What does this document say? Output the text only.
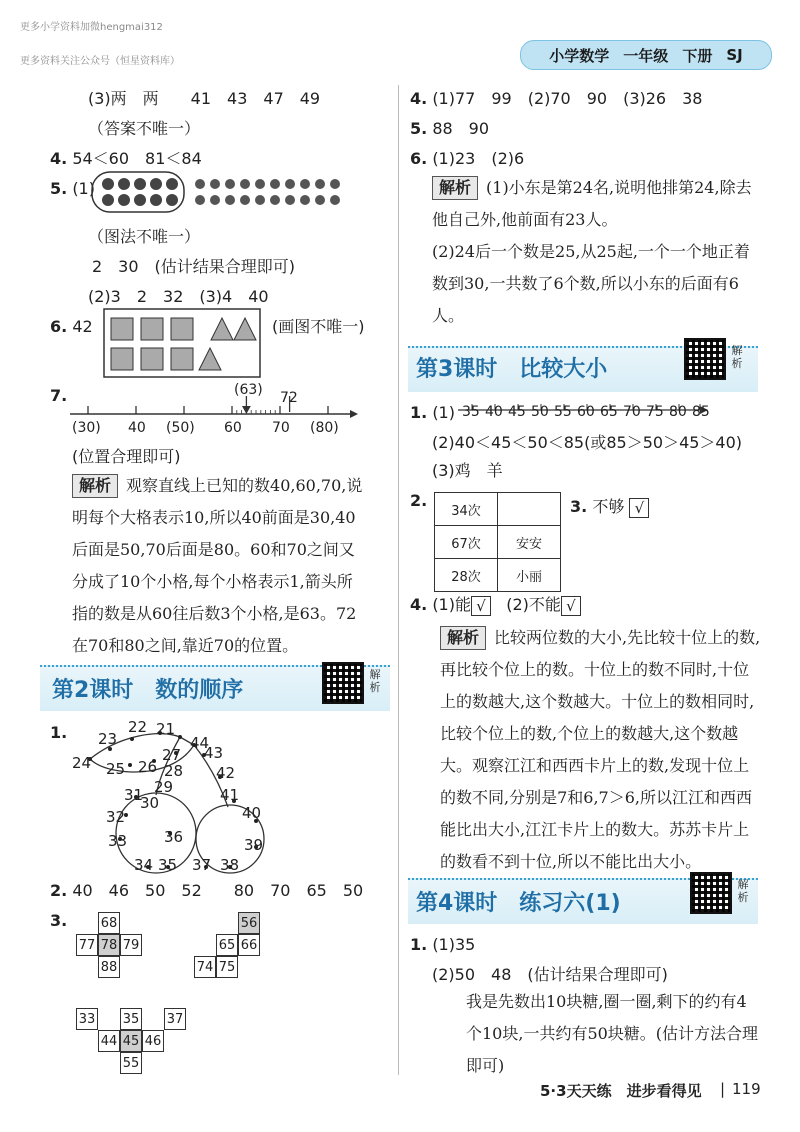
更多小学资料加微hengmai312
更多资料关注公众号（恒星资料库）	小学数学 一年级 下册 SJ
(3)两　两　　41　43　47　49
（答案不唯一）
4. 54＜60　81＜84
5. (1)
（图法不唯一）
2　30　(估计结果合理即可)
(2)3　2　32　(3)4　40
6. 42	(画图不唯一)
7.	(63) 72
(30) 40 (50) 60 70 (80)
(位置合理即可)
解析 观察直线上已知的数40,60,70,说明每个大格表示10,所以40前面是30,40后面是50,70后面是80。60和70之间又分成了10个小格,每个小格表示1,箭头所指的数是从60往后数3个小格,是63。72在70和80之间,靠近70的位置。
第2课时　数的顺序
解析
1.	22 21
23
24 25 26
27
28
29
30
31
32
33
34 35
36
37 38
39
40
41
42
43
44
2. 40　46　50　52　　80　70　65　50
3.	68
77 78 79
88
56
65 66
74 75
33 35 37
44 45 46
55
4. (1)77　99　(2)70　90　(3)26　38
5. 88　90
6. (1)23　(2)6
解析 (1)小东是第24名,说明他排第24,除去他自己外,他前面有23人。
(2)24后一个数是25,从25起,一个一个地正着数到30,一共数了6个数,所以小东的后面有6人。
第3课时　比较大小
解析
1. (1) 35 40 45 50 55 60 65 70 75 80 85
(2)40＜45＜50＜85(或85＞50＞45＞40)
(3)鸡　羊
2.
34次	
67次	安安
28次	小丽
3. 不够 √
4. (1)能 √ (2)不能 √
解析 比较两位数的大小,先比较十位上的数,再比较个位上的数。十位上的数不同时,十位上的数越大,这个数越大。十位上的数相同时,比较个位上的数,个位上的数越大,这个数越大。观察江江和西西卡片上的数,发现十位上的数不同,分别是7和6,7＞6,所以江江和西西能比出大小,江江卡片上的数大。苏苏卡片上的数看不到十位,所以不能比出大小。
第4课时　练习六(1)
解析
1. (1)35
(2)50　48　(估计结果合理即可)
我是先数出10块糖,圈一圈,剩下的约有4个10块,一共约有50块糖。(估计方法合理即可)
5·3天天练　进步看得见 | 119
